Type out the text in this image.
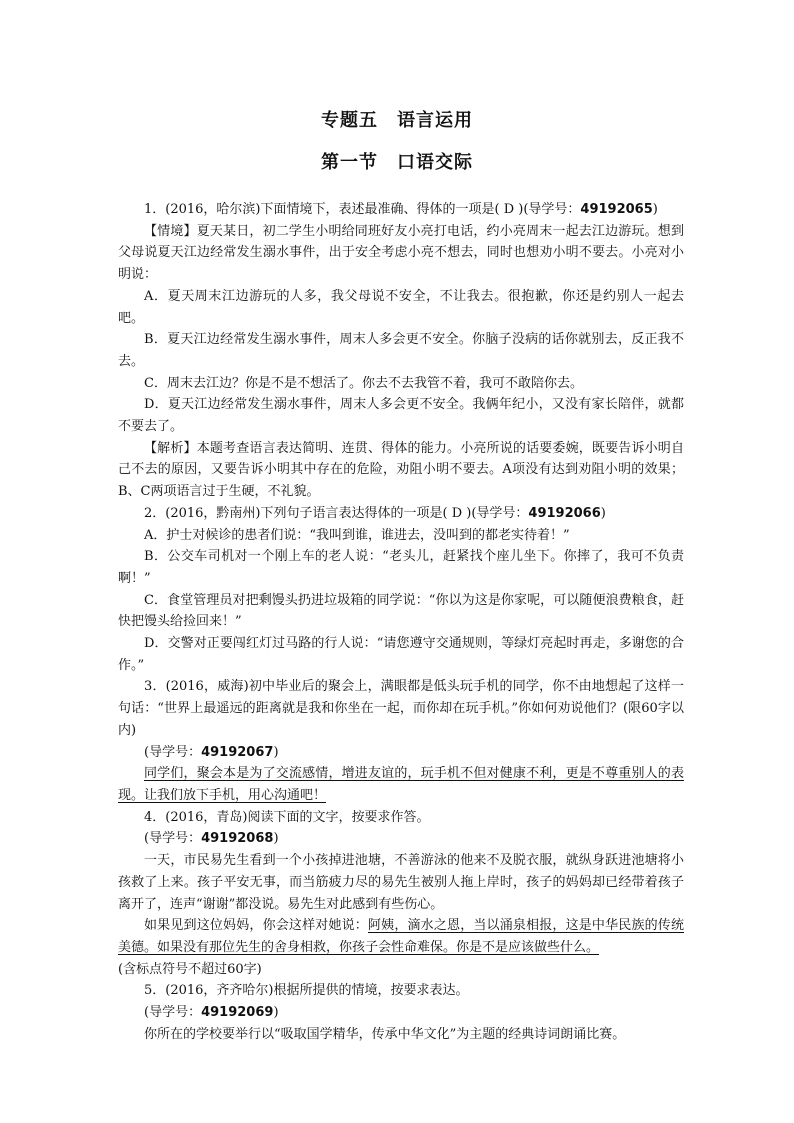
专题五　语言运用
第一节　口语交际

1．(2016，哈尔滨)下面情境下，表述最准确、得体的一项是( D )(导学号：49192065)

【情境】夏天某日，初二学生小明给同班好友小亮打电话，约小亮周末一起去江边游玩。想到父母说夏天江边经常发生溺水事件，出于安全考虑小亮不想去，同时也想劝小明不要去。小亮对小明说：

A．夏天周末江边游玩的人多，我父母说不安全，不让我去。很抱歉，你还是约别人一起去吧。

B．夏天江边经常发生溺水事件，周末人多会更不安全。你脑子没病的话你就别去，反正我不去。

C．周末去江边？你是不是不想活了。你去不去我管不着，我可不敢陪你去。

D．夏天江边经常发生溺水事件，周末人多会更不安全。我俩年纪小，又没有家长陪伴，就都不要去了。

【解析】本题考查语言表达简明、连贯、得体的能力。小亮所说的话要委婉，既要告诉小明自己不去的原因，又要告诉小明其中存在的危险，劝阻小明不要去。A项没有达到劝阻小明的效果；B、C两项语言过于生硬，不礼貌。

2．(2016，黔南州)下列句子语言表达得体的一项是( D )(导学号：49192066)

A．护士对候诊的患者们说：“我叫到谁，谁进去，没叫到的都老实待着！”

B．公交车司机对一个刚上车的老人说：“老头儿，赶紧找个座儿坐下。你摔了，我可不负责啊！”

C．食堂管理员对把剩馒头扔进垃圾箱的同学说：“你以为这是你家呢，可以随便浪费粮食，赶快把馒头给捡回来！”

D．交警对正要闯红灯过马路的行人说：“请您遵守交通规则，等绿灯亮起时再走，多谢您的合作。”

3．(2016，威海)初中毕业后的聚会上，满眼都是低头玩手机的同学，你不由地想起了这样一句话：“世界上最遥远的距离就是我和你坐在一起，而你却在玩手机。”你如何劝说他们？(限60字以内)

(导学号：49192067)

同学们，聚会本是为了交流感情，增进友谊的，玩手机不但对健康不利，更是不尊重别人的表现。让我们放下手机，用心沟通吧！

4．(2016，青岛)阅读下面的文字，按要求作答。

(导学号：49192068)

一天，市民易先生看到一个小孩掉进池塘，不善游泳的他来不及脱衣服，就纵身跃进池塘将小孩救了上来。孩子平安无事，而当筋疲力尽的易先生被别人拖上岸时，孩子的妈妈却已经带着孩子离开了，连声“谢谢”都没说。易先生对此感到有些伤心。

如果见到这位妈妈，你会这样对她说：阿姨，滴水之恩，当以涌泉相报，这是中华民族的传统美德。如果没有那位先生的舍身相救，你孩子会性命难保。你是不是应该做些什么。

(含标点符号不超过60字)

5．(2016，齐齐哈尔)根据所提供的情境，按要求表达。

(导学号：49192069)

你所在的学校要举行以“吸取国学精华，传承中华文化”为主题的经典诗词朗诵比赛。
